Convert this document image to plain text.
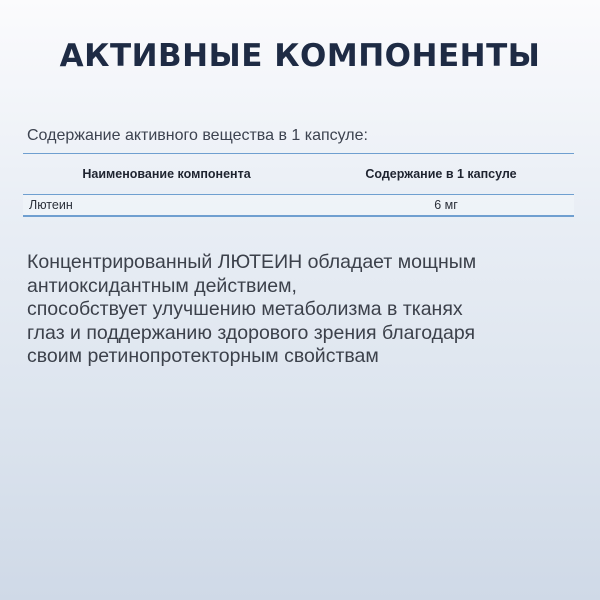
АКТИВНЫЕ КОМПОНЕНТЫ

Содержание активного вещества в 1 капсуле:

Наименование компонента	Содержание в 1 капсуле
Лютеин	6 мг

Концентрированный ЛЮТЕИН обладает мощным
антиоксидантным действием,
способствует улучшению метаболизма в тканях
глаз и поддержанию здорового зрения благодаря
своим ретинопротекторным свойствам
